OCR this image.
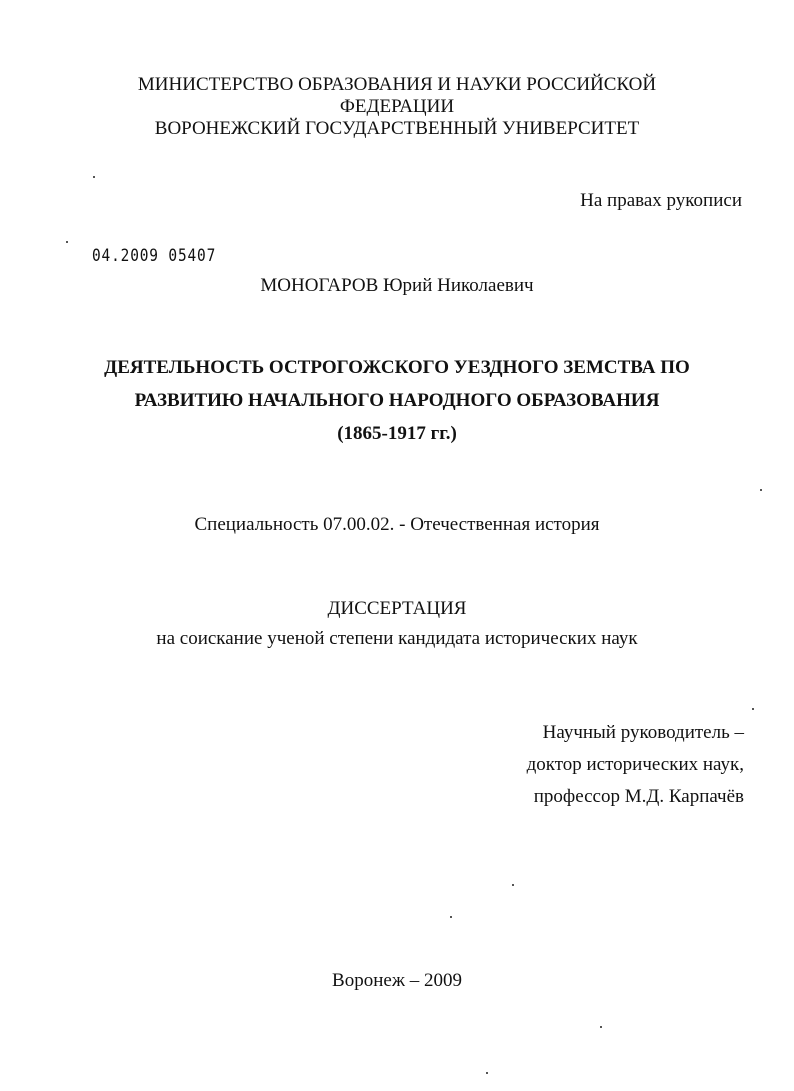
МИНИСТЕРСТВО ОБРАЗОВАНИЯ И НАУКИ РОССИЙСКОЙ
ФЕДЕРАЦИИ
ВОРОНЕЖСКИЙ ГОСУДАРСТВЕННЫЙ УНИВЕРСИТЕТ
На правах рукописи
04.2009 05407
МОНОГАРОВ Юрий Николаевич
ДЕЯТЕЛЬНОСТЬ ОСТРОГОЖСКОГО УЕЗДНОГО ЗЕМСТВА ПО
РАЗВИТИЮ НАЧАЛЬНОГО НАРОДНОГО ОБРАЗОВАНИЯ
(1865-1917 гг.)
Специальность 07.00.02. - Отечественная история
ДИССЕРТАЦИЯ
на соискание ученой степени кандидата исторических наук
Научный руководитель –
доктор исторических наук,
профессор М.Д. Карпачёв
Воронеж – 2009
